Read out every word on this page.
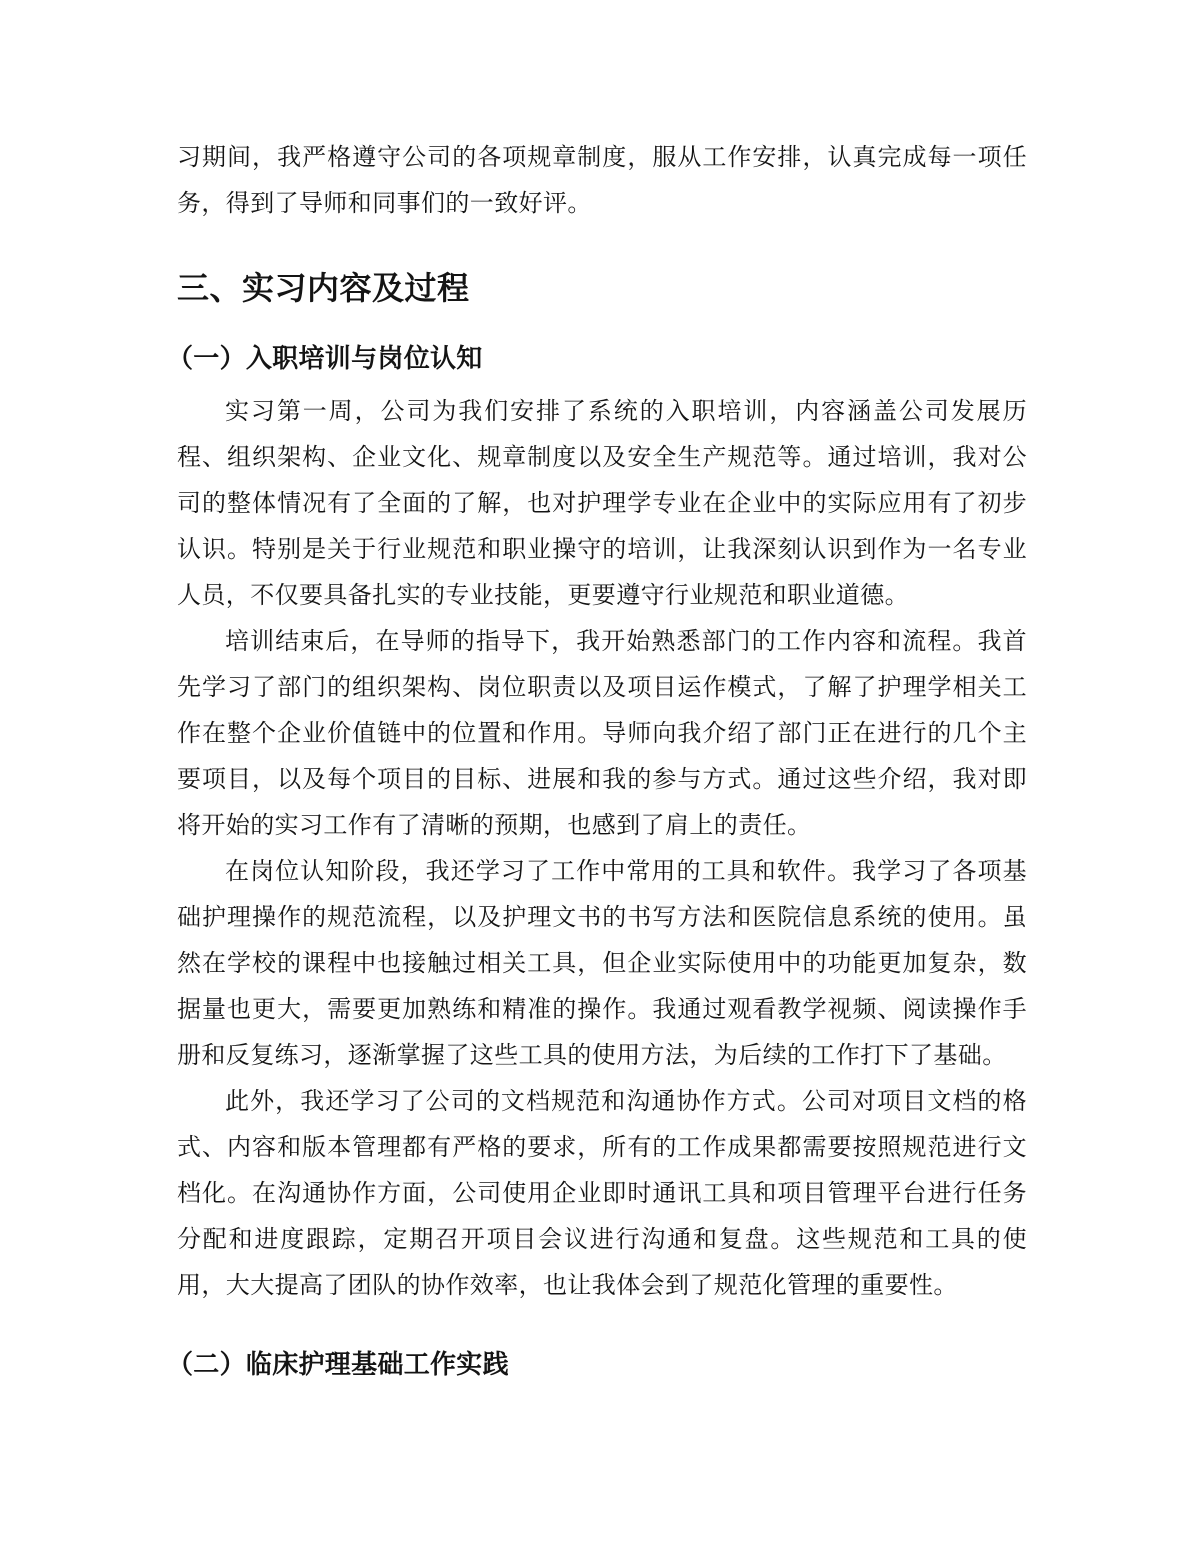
习期间，我严格遵守公司的各项规章制度，服从工作安排，认真完成每一项任务，得到了导师和同事们的一致好评。

三、实习内容及过程
（一）入职培训与岗位认知

实习第一周，公司为我们安排了系统的入职培训，内容涵盖公司发展历程、组织架构、企业文化、规章制度以及安全生产规范等。通过培训，我对公司的整体情况有了全面的了解，也对护理学专业在企业中的实际应用有了初步认识。特别是关于行业规范和职业操守的培训，让我深刻认识到作为一名专业人员，不仅要具备扎实的专业技能，更要遵守行业规范和职业道德。

培训结束后，在导师的指导下，我开始熟悉部门的工作内容和流程。我首先学习了部门的组织架构、岗位职责以及项目运作模式，了解了护理学相关工作在整个企业价值链中的位置和作用。导师向我介绍了部门正在进行的几个主要项目，以及每个项目的目标、进展和我的参与方式。通过这些介绍，我对即将开始的实习工作有了清晰的预期，也感到了肩上的责任。

在岗位认知阶段，我还学习了工作中常用的工具和软件。我学习了各项基础护理操作的规范流程，以及护理文书的书写方法和医院信息系统的使用。虽然在学校的课程中也接触过相关工具，但企业实际使用中的功能更加复杂，数据量也更大，需要更加熟练和精准的操作。我通过观看教学视频、阅读操作手册和反复练习，逐渐掌握了这些工具的使用方法，为后续的工作打下了基础。

此外，我还学习了公司的文档规范和沟通协作方式。公司对项目文档的格式、内容和版本管理都有严格的要求，所有的工作成果都需要按照规范进行文档化。在沟通协作方面，公司使用企业即时通讯工具和项目管理平台进行任务分配和进度跟踪，定期召开项目会议进行沟通和复盘。这些规范和工具的使用，大大提高了团队的协作效率，也让我体会到了规范化管理的重要性。

（二）临床护理基础工作实践
